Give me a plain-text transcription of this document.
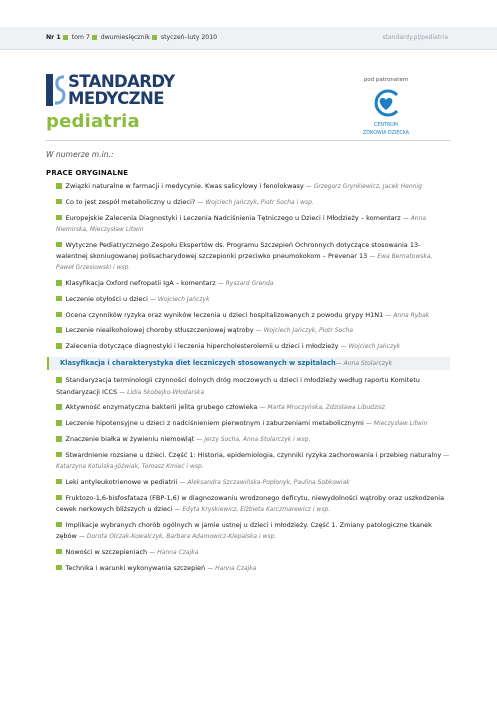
Nr 1 tom 7 dwumiesięcznik styczeń–luty 2010	standardy.pl/pediatria
STANDARDY
MEDYCZNE
pediatria
pod patronatem
CENTRUM
ZDROWIA DZIECKA
W numerze m.in.:
PRACE ORYGINALNE
Związki naturalne w farmacji i medycynie. Kwas salicylowy i fenolokwasy — Grzegorz Grynkiewicz, Jacek Hennig
Co to jest zespół metaboliczny u dzieci? — Wojciech Jańczyk, Piotr Socha i wsp.
Europejskie Zalecenia Diagnostyki i Leczenia Nadciśnienia Tętniczego u Dzieci i Młodzieży – komentarz — Anna Niemirska, Mieczysław Litwin
Wytyczne Pediatrycznego Zespołu Ekspertów ds. Programu Szczepień Ochronnych dotyczące stosowania 13-walentnej skoniugowanej polisacharydowej szczepionki przeciwko pneumokokom – Prevenar 13 — Ewa Bernatowska, Paweł Grzesiowski i wsp.
Klasyfikacja Oxford nefropatii IgA – komentarz — Ryszard Grenda
Leczenie otyłości u dzieci — Wojciech Jańczyk
Ocena czynników ryzyka oraz wyników leczenia u dzieci hospitalizowanych z powodu grypy H1N1 — Anna Rybak
Leczenie niealkoholowej choroby stłuszczeniowej wątroby — Wojciech Jańczyk, Piotr Socha
Zalecenia dotyczące diagnostyki i leczenia hipercholesterolemii u dzieci i młodzieży — Wojciech Jańczyk
Klasyfikacja i charakterystyka diet leczniczych stosowanych w szpitalach— Anna Stolarczyk
Standaryzacja terminologii czynności dolnych dróg moczowych u dzieci i młodzieży według raportu Komitetu Standaryzacji ICCS — Lidia Skobejko-Włodarska
Aktywność enzymatyczna bakterii jelita grubego człowieka — Marta Mroczyńska, Zdzisława Libudzisz
Leczenie hipotensyjne u dzieci z nadciśnieniem pierwotnym i zaburzeniami metabolicznymi — Mieczysław Litwin
Znaczenie białka w żywieniu niemowląt — Jerzy Socha, Anna Stolarczyk i wsp.
Stwardnienie rozsiane u dzieci. Część 1: Historia, epidemiologia, czynniki ryzyka zachorowania i przebieg naturalny — Katarzyna Kotulska-Jóźwiak, Tomasz Kmieć i wsp.
Leki antyleukotrienowe w pediatrii — Aleksandra Szczawińska-Popłonyk, Paulina Sobkowiak
Fruktozo-1,6-bisfosfataza (FBP-1,6) w diagnozowaniu wrodzonego deficytu, niewydolności wątroby oraz uszkodzenia cewek nerkowych bliższych u dzieci — Edyta Kryskiewicz, Elżbieta Karczmarewicz i wsp.
Implikacje wybranych chorób ogólnych w jamie ustnej u dzieci i młodzieży. Część 1. Zmiany patologiczne tkanek zębów — Dorota Olczak-Kowalczyk, Barbara Adamowicz-Klepalska i wsp.
Nowości w szczepieniach — Hanna Czajka
Technika i warunki wykonywania szczepień — Hanna Czajka
